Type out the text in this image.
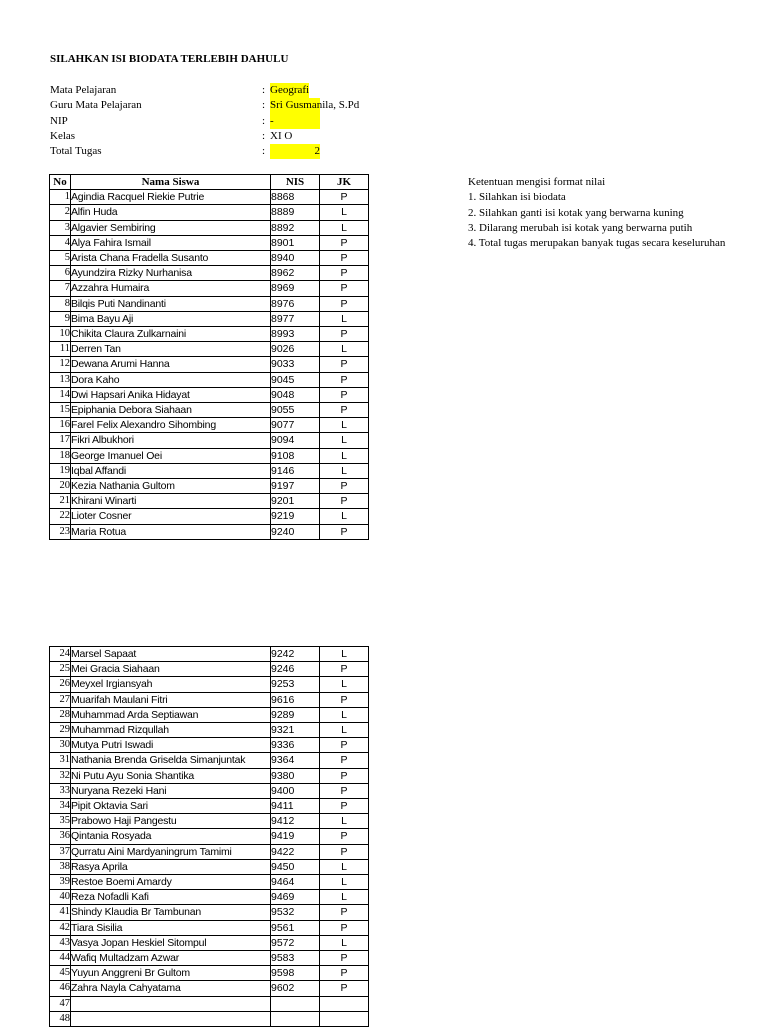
SILAHKAN ISI BIODATA TERLEBIH DAHULU
Mata Pelajaran	: Geografi
Guru Mata Pelajaran	: Sri Gusmanila, S.Pd
NIP	: -
Kelas	: XI O
Total Tugas	:	2
Ketentuan mengisi format nilai
1. Silahkan isi biodata
2. Silahkan ganti isi kotak yang berwarna kuning
3. Dilarang merubah isi kotak yang berwarna putih
4. Total tugas merupakan banyak tugas secara keseluruhan
No	Nama Siswa	NIS	JK
1	Agindia Racquel Riekie Putrie	8868	P
2	Alfin Huda	8889	L
3	Algavier Sembiring	8892	L
4	Alya Fahira Ismail	8901	P
5	Arista Chana Fradella Susanto	8940	P
6	Ayundzira Rizky Nurhanisa	8962	P
7	Azzahra Humaira	8969	P
8	Bilqis Puti Nandinanti	8976	P
9	Bima Bayu Aji	8977	L
10	Chikita Claura Zulkarnaini	8993	P
11	Derren Tan	9026	L
12	Dewana Arumi Hanna	9033	P
13	Dora Kaho	9045	P
14	Dwi Hapsari Anika Hidayat	9048	P
15	Epiphania Debora Siahaan	9055	P
16	Farel Felix Alexandro Sihombing	9077	L
17	Fikri Albukhori	9094	L
18	George Imanuel Oei	9108	L
19	Iqbal Affandi	9146	L
20	Kezia Nathania Gultom	9197	P
21	Khirani Winarti	9201	P
22	Lioter Cosner	9219	L
23	Maria Rotua	9240	P
24	Marsel Sapaat	9242	L
25	Mei Gracia Siahaan	9246	P
26	Meyxel Irgiansyah	9253	L
27	Muarifah Maulani Fitri	9616	P
28	Muhammad Arda Septiawan	9289	L
29	Muhammad Rizqullah	9321	L
30	Mutya Putri Iswadi	9336	P
31	Nathania Brenda Griselda Simanjuntak	9364	P
32	Ni Putu Ayu Sonia Shantika	9380	P
33	Nuryana Rezeki Hani	9400	P
34	Pipit Oktavia Sari	9411	P
35	Prabowo Haji Pangestu	9412	L
36	Qintania Rosyada	9419	P
37	Qurratu Aini Mardyaningrum Tamimi	9422	P
38	Rasya Aprila	9450	L
39	Restoe Boemi Amardy	9464	L
40	Reza Nofadli Kafi	9469	L
41	Shindy Klaudia Br Tambunan	9532	P
42	Tiara Sisilia	9561	P
43	Vasya Jopan Heskiel Sitompul	9572	L
44	Wafiq Multadzam Azwar	9583	P
45	Yuyun Anggreni Br Gultom	9598	P
46	Zahra Nayla Cahyatama	9602	P
47			
48			
